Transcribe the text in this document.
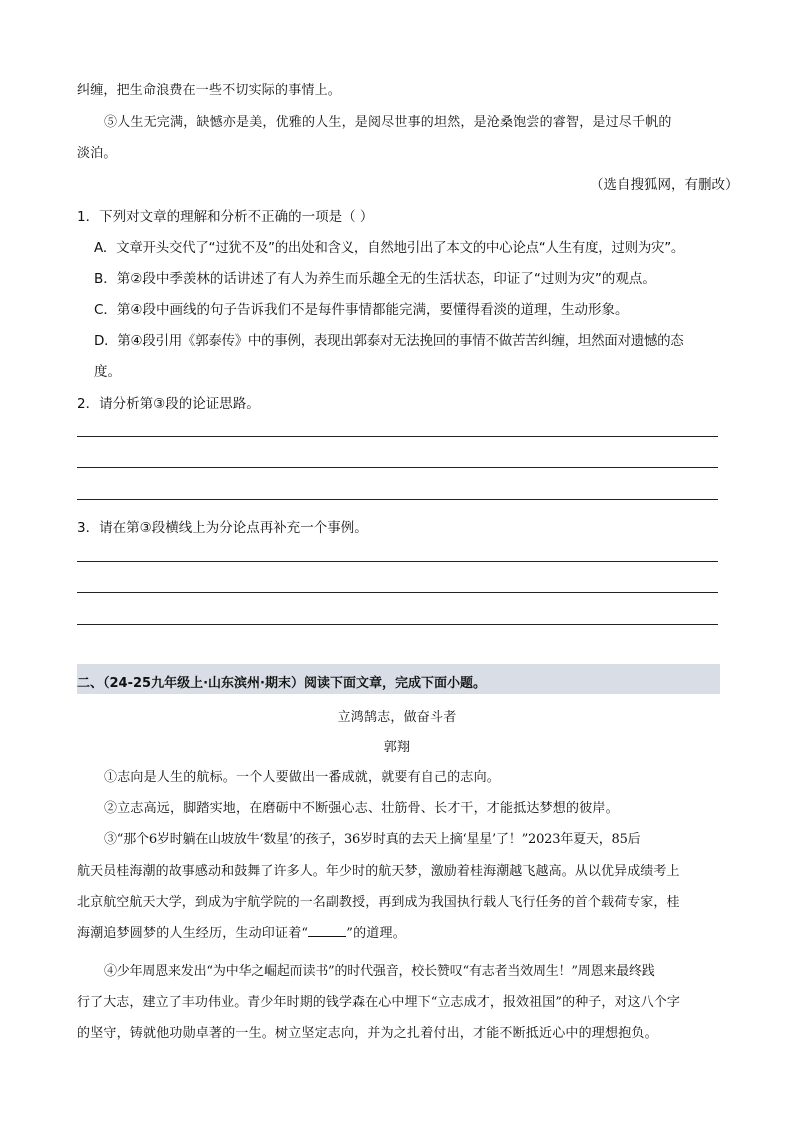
纠缠，把生命浪费在一些不切实际的事情上。
⑤人生无完满，缺憾亦是美，优雅的人生，是阅尽世事的坦然，是沧桑饱尝的睿智，是过尽千帆的
淡泊。
（选自搜狐网，有删改）
1．下列对文章的理解和分析不正确的一项是（ ）
A．文章开头交代了“过犹不及”的出处和含义，自然地引出了本文的中心论点“人生有度，过则为灾”。
B．第②段中季羡林的话讲述了有人为养生而乐趣全无的生活状态，印证了“过则为灾”的观点。
C．第④段中画线的句子告诉我们不是每件事情都能完满，要懂得看淡的道理，生动形象。
D．第④段引用《郭泰传》中的事例，表现出郭泰对无法挽回的事情不做苦苦纠缠，坦然面对遗憾的态
度。
2．请分析第③段的论证思路。
3．请在第③段横线上为分论点再补充一个事例。
二、（24-25九年级上·山东滨州·期末）阅读下面文章，完成下面小题。
立鸿鹄志，做奋斗者
郭翔
①志向是人生的航标。一个人要做出一番成就，就要有自己的志向。
②立志高远，脚踏实地，在磨砺中不断强心志、壮筋骨、长才干，才能抵达梦想的彼岸。
③“那个6岁时躺在山坡放牛‘数星’的孩子，36岁时真的去天上摘‘星星’了！”2023年夏天，85后
航天员桂海潮的故事感动和鼓舞了许多人。年少时的航天梦，激励着桂海潮越飞越高。从以优异成绩考上
北京航空航天大学，到成为宇航学院的一名副教授，再到成为我国执行载人飞行任务的首个载荷专家，桂
海潮追梦圆梦的人生经历，生动印证着“	”的道理。
④少年周恩来发出“为中华之崛起而读书”的时代强音，校长赞叹“有志者当效周生！”周恩来最终践
行了大志，建立了丰功伟业。青少年时期的钱学森在心中埋下“立志成才，报效祖国”的种子，对这八个字
的坚守，铸就他功勋卓著的一生。树立坚定志向，并为之扎着付出，才能不断抵近心中的理想抱负。
